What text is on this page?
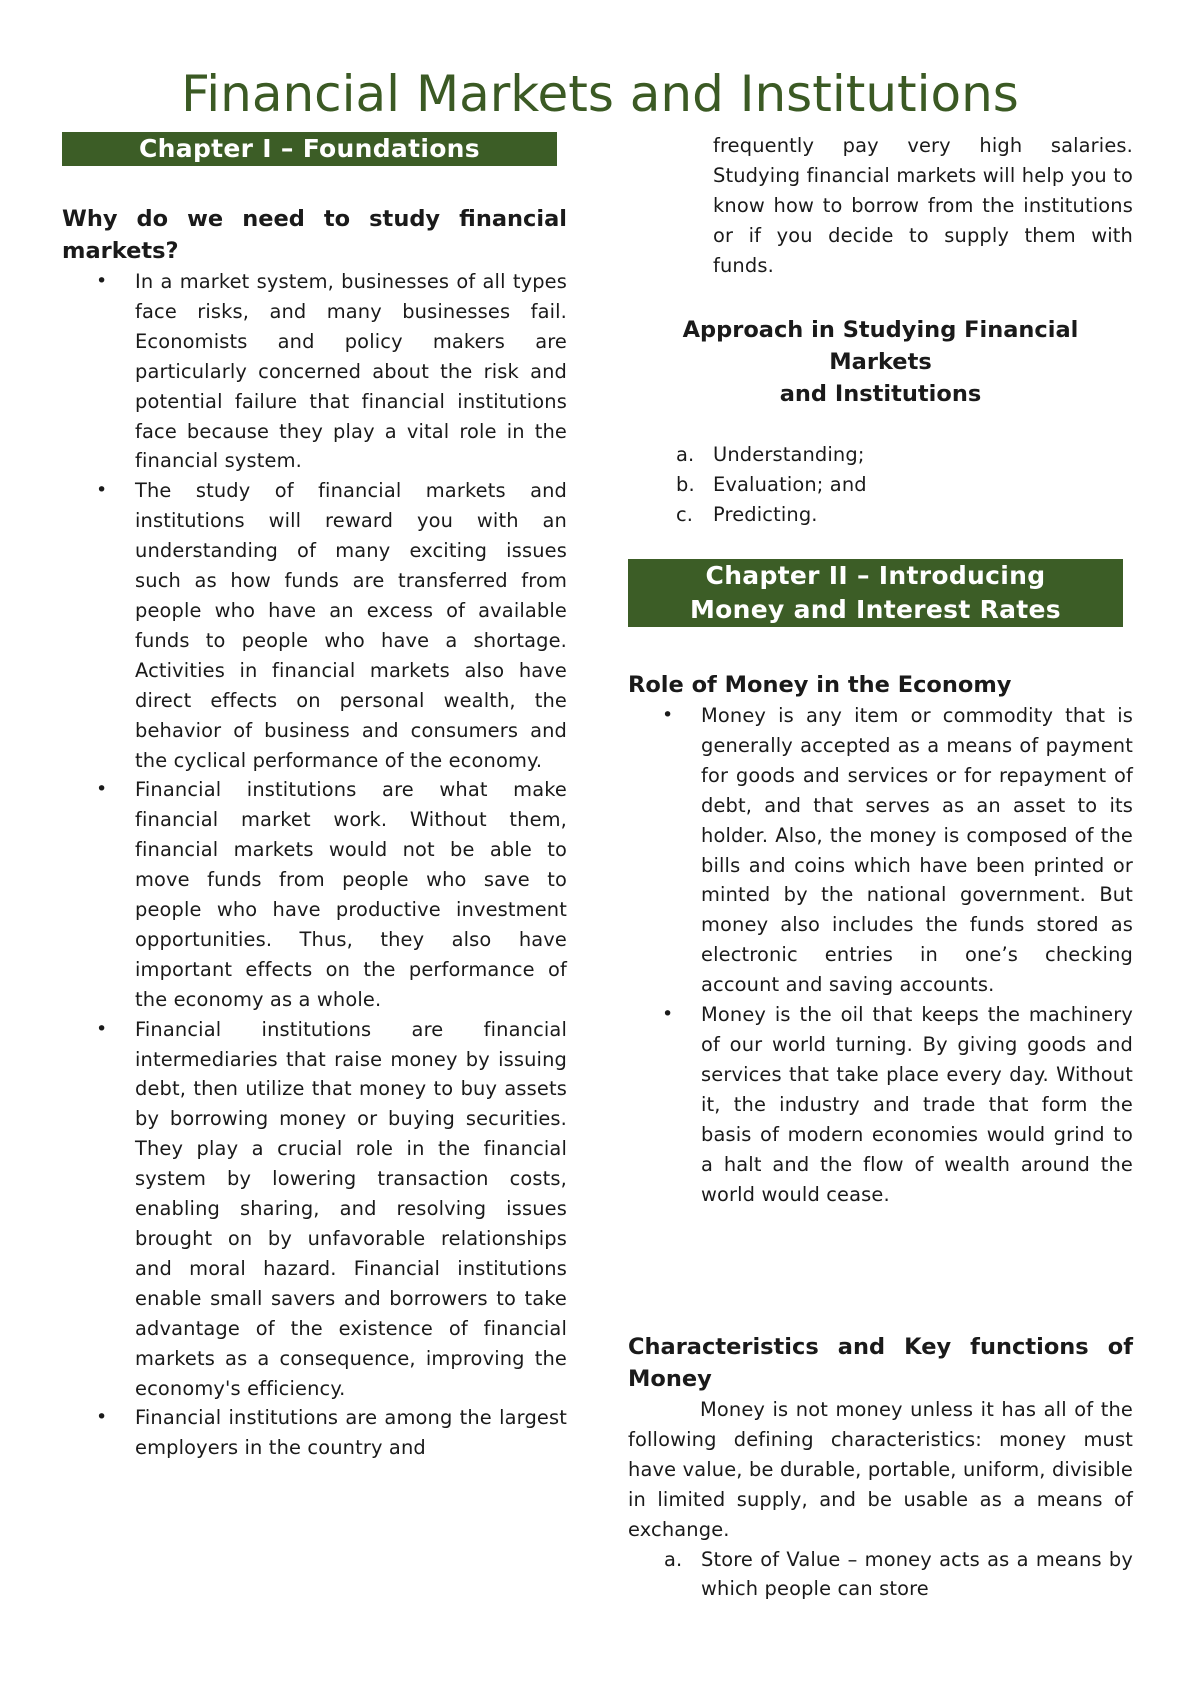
Financial Markets and Institutions
Chapter I – Foundations
Why do we need to study financial markets?
• In a market system, businesses of all types face risks, and many businesses fail. Economists and policy makers are particularly concerned about the risk and potential failure that financial institutions face because they play a vital role in the financial system.
• The study of financial markets and institutions will reward you with an understanding of many exciting issues such as how funds are transferred from people who have an excess of available funds to people who have a shortage. Activities in financial markets also have direct effects on personal wealth, the behavior of business and consumers and the cyclical performance of the economy.
• Financial institutions are what make financial market work. Without them, financial markets would not be able to move funds from people who save to people who have productive investment opportunities. Thus, they also have important effects on the performance of the economy as a whole.
• Financial institutions are financial intermediaries that raise money by issuing debt, then utilize that money to buy assets by borrowing money or buying securities. They play a crucial role in the financial system by lowering transaction costs, enabling sharing, and resolving issues brought on by unfavorable relationships and moral hazard. Financial institutions enable small savers and borrowers to take advantage of the existence of financial markets as a consequence, improving the economy's efficiency.
• Financial institutions are among the largest employers in the country and

frequently pay very high salaries. Studying financial markets will help you to know how to borrow from the institutions or if you decide to supply them with funds.

Approach in Studying Financial Markets
and Institutions
a. Understanding;
b. Evaluation; and
c. Predicting.
Chapter II – Introducing
Money and Interest Rates
Role of Money in the Economy
• Money is any item or commodity that is generally accepted as a means of payment for goods and services or for repayment of debt, and that serves as an asset to its holder. Also, the money is composed of the bills and coins which have been printed or minted by the national government. But money also includes the funds stored as electronic entries in one’s checking account and saving accounts.
• Money is the oil that keeps the machinery of our world turning. By giving goods and services that take place every day. Without it, the industry and trade that form the basis of modern economies would grind to a halt and the flow of wealth around the world would cease.
Characteristics and Key functions of Money

Money is not money unless it has all of the following defining characteristics: money must have value, be durable, portable, uniform, divisible in limited supply, and be usable as a means of exchange.

a. Store of Value – money acts as a means by which people can store
